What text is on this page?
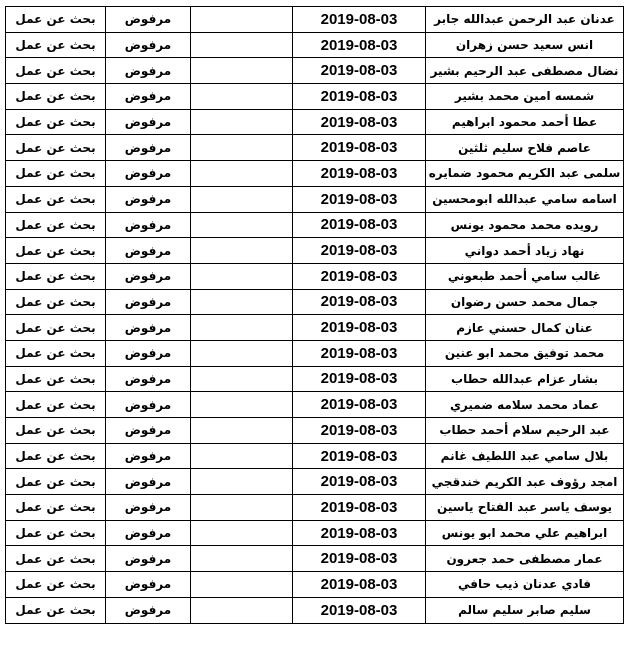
بحث عن عمل	مرفوض		2019-08-03	عدنان عبد الرحمن عبدالله جابر
بحث عن عمل	مرفوض		2019-08-03	انس سعيد حسن زهران
بحث عن عمل	مرفوض		2019-08-03	نضال مصطفى عبد الرحيم بشير
بحث عن عمل	مرفوض		2019-08-03	شمسه امين محمد بشير
بحث عن عمل	مرفوض		2019-08-03	عطا أحمد محمود ابراهيم
بحث عن عمل	مرفوض		2019-08-03	عاصم فلاح سليم ثلثين
بحث عن عمل	مرفوض		2019-08-03	سلمى عبد الكريم محمود ضمايره
بحث عن عمل	مرفوض		2019-08-03	اسامه سامي عبدالله ابومحسين
بحث عن عمل	مرفوض		2019-08-03	رويده محمد محمود يونس
بحث عن عمل	مرفوض		2019-08-03	نهاد زياد أحمد دواني
بحث عن عمل	مرفوض		2019-08-03	غالب سامي أحمد طبعوني
بحث عن عمل	مرفوض		2019-08-03	جمال محمد حسن رضوان
بحث عن عمل	مرفوض		2019-08-03	عنان كمال حسني عازم
بحث عن عمل	مرفوض		2019-08-03	محمد توفيق محمد ابو عنين
بحث عن عمل	مرفوض		2019-08-03	بشار عزام عبدالله حطاب
بحث عن عمل	مرفوض		2019-08-03	عماد محمد سلامه ضميري
بحث عن عمل	مرفوض		2019-08-03	عبد الرحيم سلام أحمد حطاب
بحث عن عمل	مرفوض		2019-08-03	بلال سامي عبد اللطيف غانم
بحث عن عمل	مرفوض		2019-08-03	امجد رؤوف عبد الكريم خندقجي
بحث عن عمل	مرفوض		2019-08-03	يوسف ياسر عبد الفتاح ياسين
بحث عن عمل	مرفوض		2019-08-03	ابراهيم علي محمد ابو يونس
بحث عن عمل	مرفوض		2019-08-03	عمار مصطفى حمد جعرون
بحث عن عمل	مرفوض		2019-08-03	فادي عدنان ذيب حافي
بحث عن عمل	مرفوض		2019-08-03	سليم صابر سليم سالم
